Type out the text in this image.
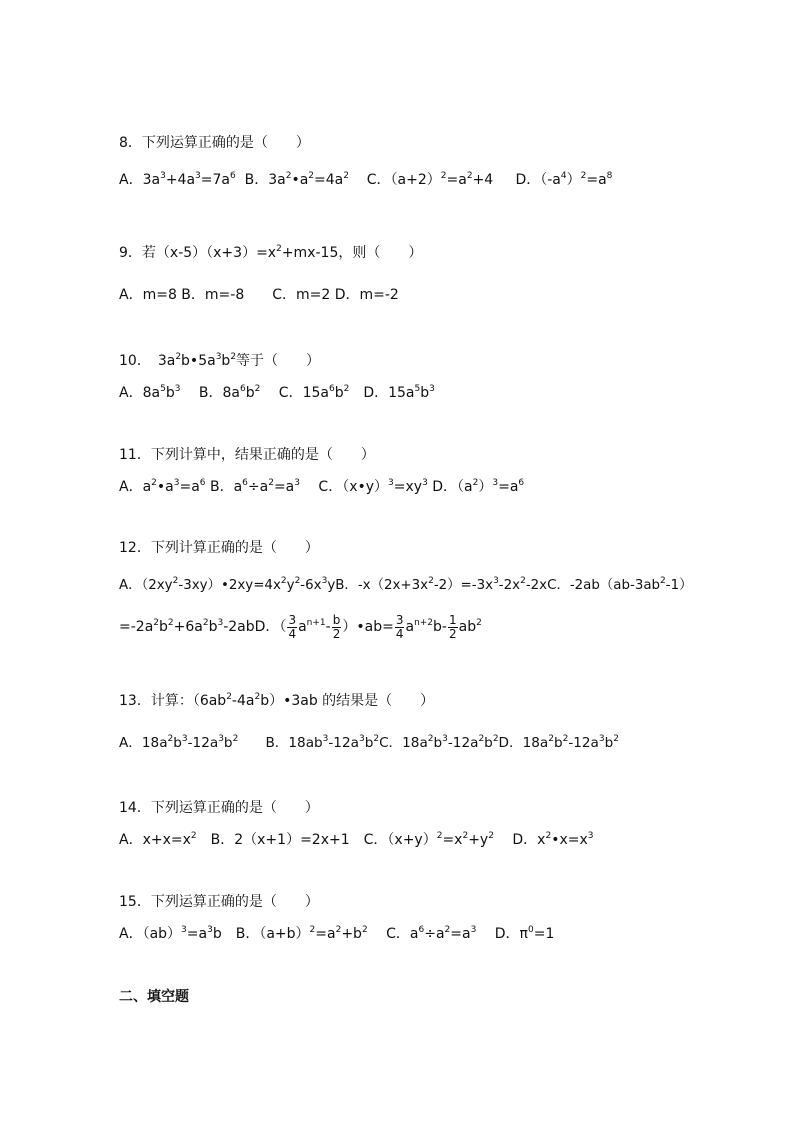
8．下列运算正确的是（　　）
A．$3a^3+4a^3=7a^6$  B．$3a^2•a^2=4a^2$    C．$(a+2)^2=a^2+4$     D．$(-a^4)^2=a^8$
9．若$(x-5)(x+3)=x^2+mx-15$，则（　　）
A．m=8 B．m=-8　　C．m=2 D．m=-2
10．　$3a^2b•5a^3b^2$等于（　　）
A．$8a^5b^3$　 B．$8a^6b^2$　 C．$15a^6b^2$　D．$15a^5b^3$
11．下列计算中，结果正确的是（　　）
A．$a^2•a^3=a^6$ B．$a^6\div a^2=a^3$　 C．$(x•y)^3=xy^3$ D．$(a^2)^3=a^6$
12．下列计算正确的是（　　）
A．$(2xy^2-3xy)•2xy=4x^2y^2-6x^3yB$．$-x(2x+3x^2-2)=-3x^3-2x^2-2xC$．$-2ab(ab-3ab^2-1)$
$=-2a^2b^2+6a^2b^3-2abD$．（ $\frac{3}{4} a^{n+1}- \frac{b}{2}$ ）•ab= $\frac{3}{4} a^{n+2}b- \frac{1}{2} ab^2$
13．计算：$(6ab^2-4a^2b)•3ab$ 的结果是（　　）
A．$18a^2b^3-12a^3b^2$　　B．$18ab^3-12a^3b^2C$．$18a^2b^3-12a^2b^2D$．$18a^2b^2-12a^3b^2$
14．下列运算正确的是（　　）
A．$x+x=x^2$　B．2（x+1）=2x+1　C．$(x+y)^2=x^2+y^2$　 D．$x^2•x=x^3$
15．下列运算正确的是（　　）
A．$(ab)^3=a^3b$　B．$(a+b)^2=a^2+b^2$　 C．$a^6\div a^2=a^3$　 D．$\pi^0=1$
二、填空题
